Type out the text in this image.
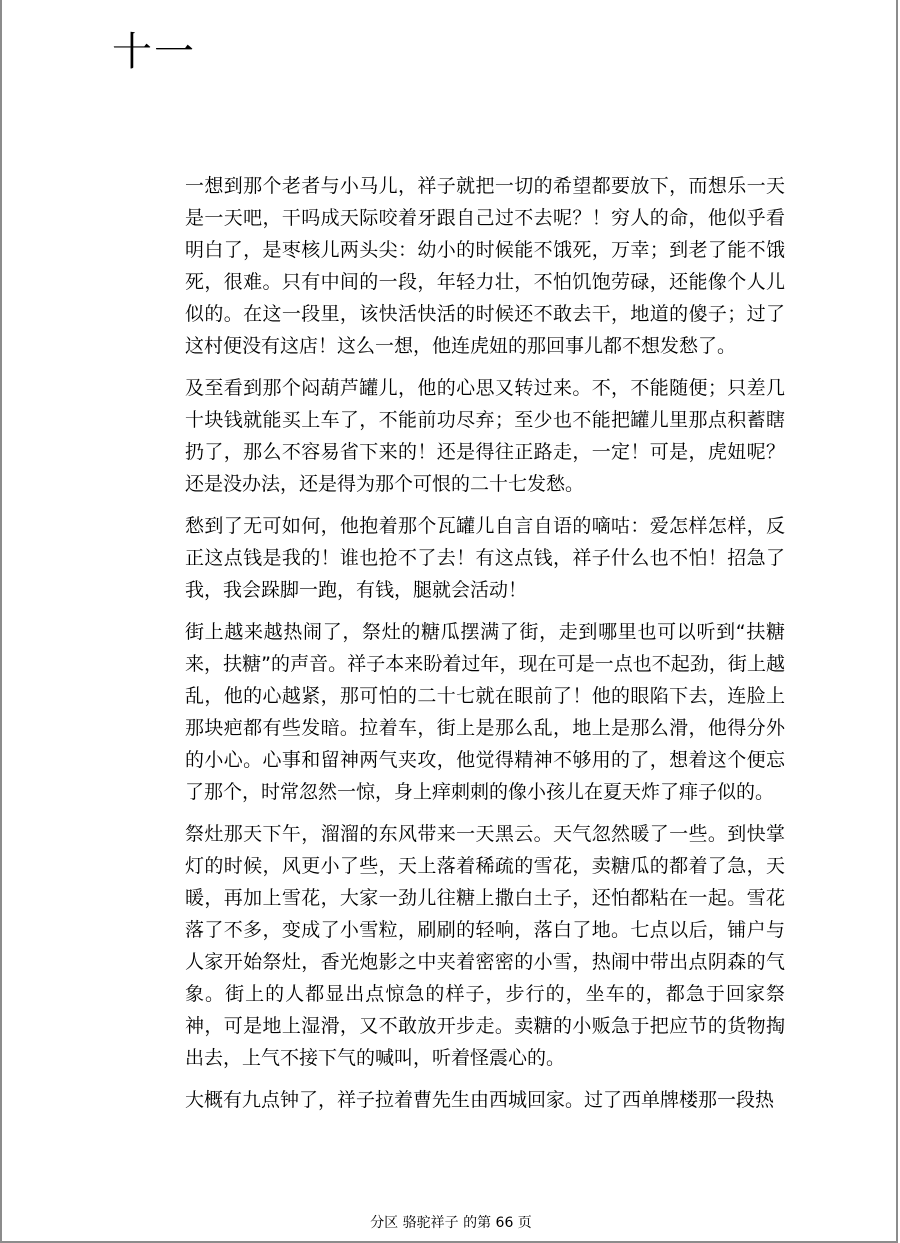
十一

一想到那个老者与小马儿，祥子就把一切的希望都要放下，而想乐一天是一天吧，干吗成天际咬着牙跟自己过不去呢？！穷人的命，他似乎看明白了，是枣核儿两头尖：幼小的时候能不饿死，万幸；到老了能不饿死，很难。只有中间的一段，年轻力壮，不怕饥饱劳碌，还能像个人儿似的。在这一段里，该快活快活的时候还不敢去干，地道的傻子；过了这村便没有这店！这么一想，他连虎妞的那回事儿都不想发愁了。

及至看到那个闷葫芦罐儿，他的心思又转过来。不，不能随便；只差几十块钱就能买上车了，不能前功尽弃；至少也不能把罐儿里那点积蓄瞎扔了，那么不容易省下来的！还是得往正路走，一定！可是，虎妞呢？还是没办法，还是得为那个可恨的二十七发愁。

愁到了无可如何，他抱着那个瓦罐儿自言自语的嘀咕：爱怎样怎样，反正这点钱是我的！谁也抢不了去！有这点钱，祥子什么也不怕！招急了我，我会跺脚一跑，有钱，腿就会活动！

街上越来越热闹了，祭灶的糖瓜摆满了街，走到哪里也可以听到“扶糖来，扶糖”的声音。祥子本来盼着过年，现在可是一点也不起劲，街上越乱，他的心越紧，那可怕的二十七就在眼前了！他的眼陷下去，连脸上那块疤都有些发暗。拉着车，街上是那么乱，地上是那么滑，他得分外的小心。心事和留神两气夹攻，他觉得精神不够用的了，想着这个便忘了那个，时常忽然一惊，身上痒刺刺的像小孩儿在夏天炸了痱子似的。

祭灶那天下午，溜溜的东风带来一天黑云。天气忽然暖了一些。到快掌灯的时候，风更小了些，天上落着稀疏的雪花，卖糖瓜的都着了急，天暖，再加上雪花，大家一劲儿往糖上撒白土子，还怕都粘在一起。雪花落了不多，变成了小雪粒，刷刷的轻响，落白了地。七点以后，铺户与人家开始祭灶，香光炮影之中夹着密密的小雪，热闹中带出点阴森的气象。街上的人都显出点惊急的样子，步行的，坐车的，都急于回家祭神，可是地上湿滑，又不敢放开步走。卖糖的小贩急于把应节的货物掏出去，上气不接下气的喊叫，听着怪震心的。

大概有九点钟了，祥子拉着曹先生由西城回家。过了西单牌楼那一段热

分区 骆驼祥子 的第 66 页
